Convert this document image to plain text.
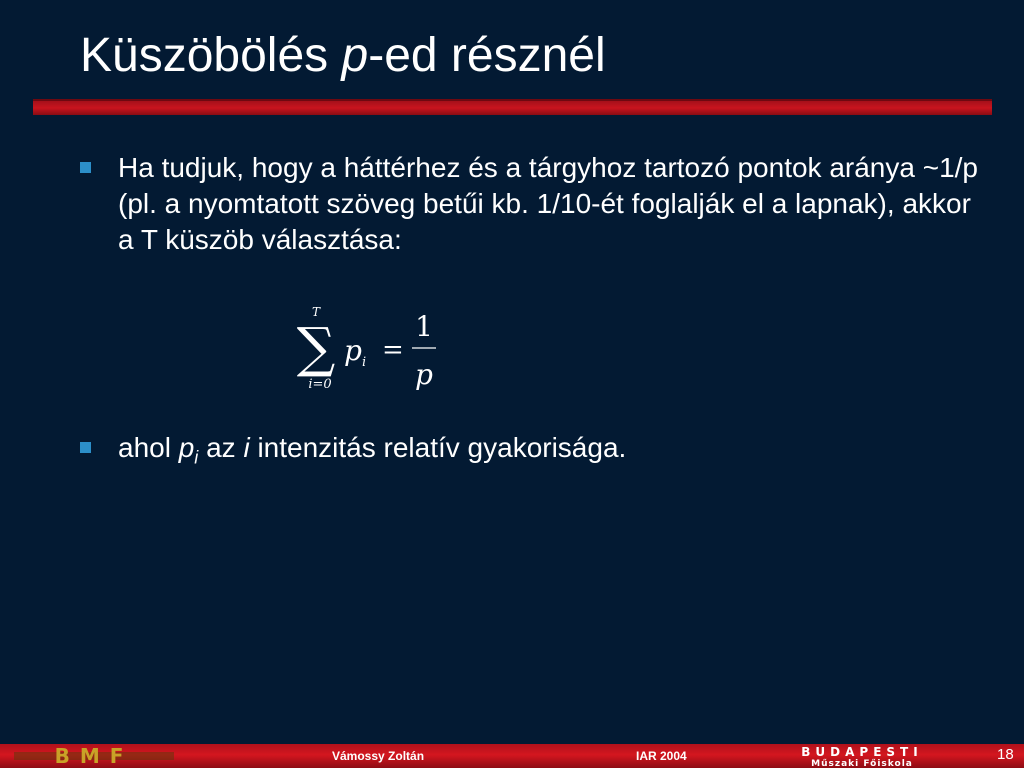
Küszöbölés p-ed résznél
Ha tudjuk, hogy a háttérhez és a tárgyhoz tartozó pontok aránya ~1/p (pl. a nyomtatott szöveg betűi kb. 1/10-ét foglalják el a lapnak), akkor a T küszöb választása:
T
∑
i=0
p i =
1
p
ahol $p_i$ az i intenzitás relatív gyakorisága.
BMF	Vámossy Zoltán	IAR 2004	BUDAPESTI
Műszaki Főiskola
18
